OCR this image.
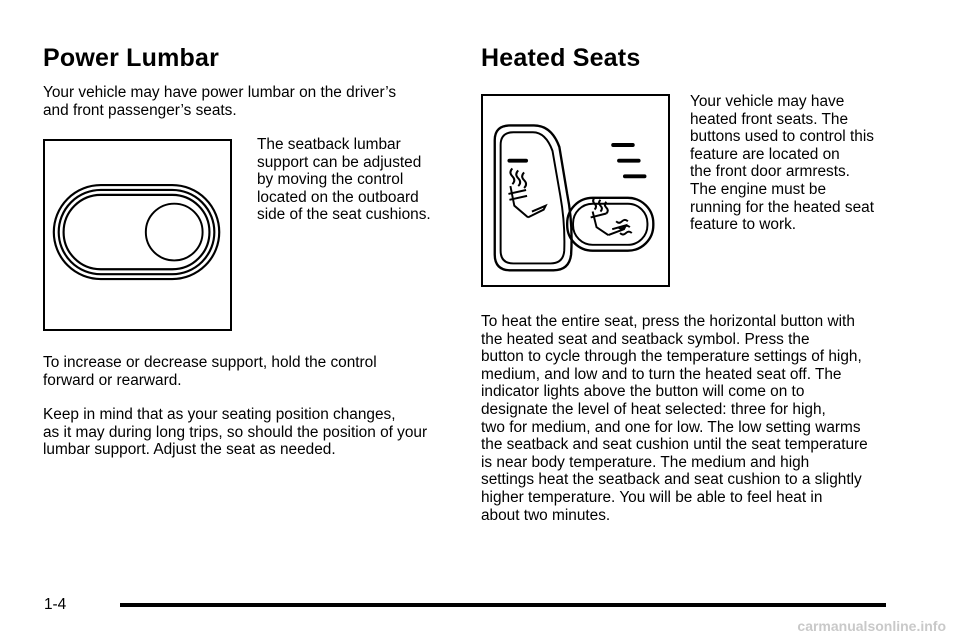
Power Lumbar

Your vehicle may have power lumbar on the driver’s
and front passenger’s seats.

The seatback lumbar
support can be adjusted
by moving the control
located on the outboard
side of the seat cushions.

To increase or decrease support, hold the control
forward or rearward.

Keep in mind that as your seating position changes,
as it may during long trips, so should the position of your
lumbar support. Adjust the seat as needed.

Heated Seats

Your vehicle may have
heated front seats. The
buttons used to control this
feature are located on
the front door armrests.
The engine must be
running for the heated seat
feature to work.

To heat the entire seat, press the horizontal button with
the heated seat and seatback symbol. Press the
button to cycle through the temperature settings of high,
medium, and low and to turn the heated seat off. The
indicator lights above the button will come on to
designate the level of heat selected: three for high,
two for medium, and one for low. The low setting warms
the seatback and seat cushion until the seat temperature
is near body temperature. The medium and high
settings heat the seatback and seat cushion to a slightly
higher temperature. You will be able to feel heat in
about two minutes.

1-4

carmanualsonline.info
